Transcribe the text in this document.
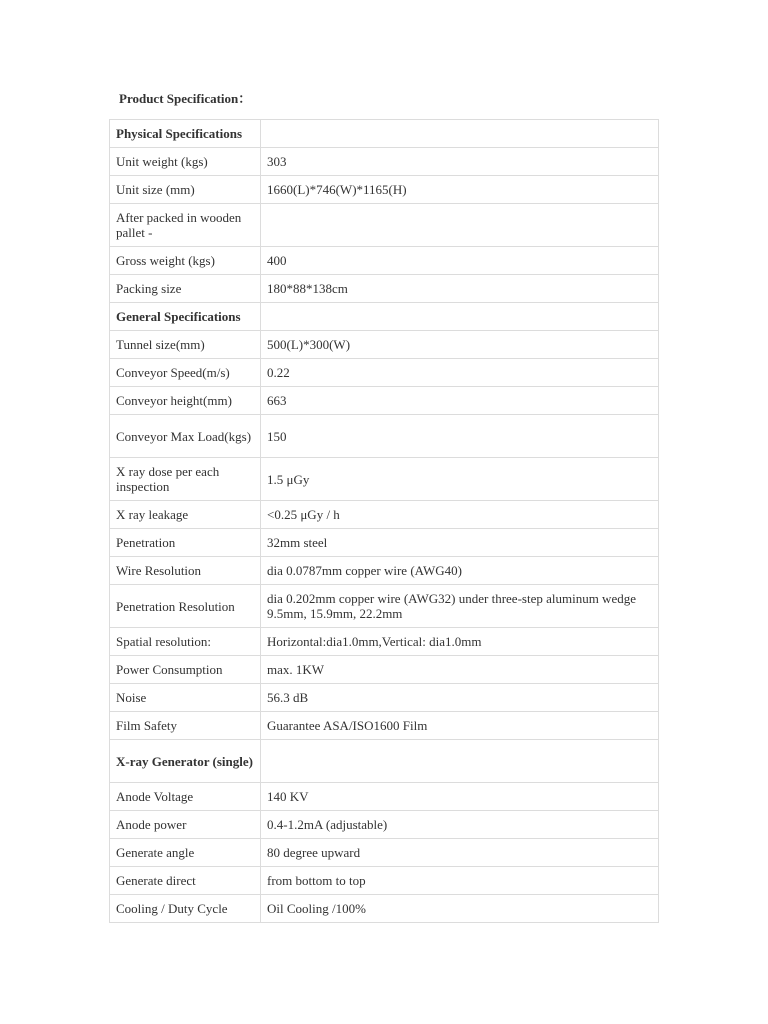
Product Specification：
Physical Specifications	
Unit weight (kgs)	303
Unit size (mm)	1660(L)*746(W)*1165(H)
After packed in wooden pallet -	
Gross weight (kgs)	400
Packing size	180*88*138cm
General Specifications	
Tunnel size(mm)	500(L)*300(W)
Conveyor Speed(m/s)	0.22
Conveyor height(mm)	663
Conveyor Max Load(kgs)	150
X ray dose per each inspection	1.5 μGy
X ray leakage	<0.25 μGy / h
Penetration	32mm steel
Wire Resolution	dia 0.0787mm copper wire (AWG40)
Penetration Resolution	dia 0.202mm copper wire (AWG32) under three-step aluminum wedge 9.5mm, 15.9mm, 22.2mm
Spatial resolution:	Horizontal:dia1.0mm,Vertical: dia1.0mm
Power Consumption	max. 1KW
Noise	56.3 dB
Film Safety	Guarantee ASA/ISO1600 Film
X-ray Generator (single)	
Anode Voltage	140 KV
Anode power	0.4-1.2mA (adjustable)
Generate angle	80 degree upward
Generate direct	from bottom to top
Cooling / Duty Cycle	Oil Cooling /100%
